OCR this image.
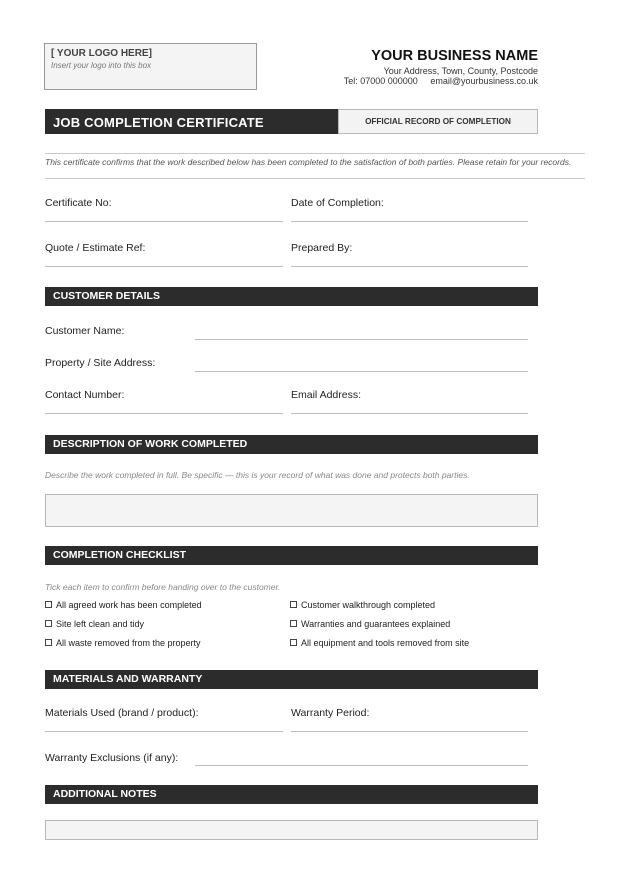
[ YOUR LOGO HERE]
Insert your logo into this box
YOUR BUSINESS NAME
Your Address, Town, County, Postcode
Tel: 07000 000000 email@yourbusiness.co.uk
JOB COMPLETION CERTIFICATE	OFFICIAL RECORD OF COMPLETION
This certificate confirms that the work described below has been completed to the satisfaction of both parties. Please retain for your records.
Certificate No:	Date of Completion:
Quote / Estimate Ref:	Prepared By:
CUSTOMER DETAILS
Customer Name:
Property / Site Address:
Contact Number:	Email Address:
DESCRIPTION OF WORK COMPLETED
Describe the work completed in full. Be specific — this is your record of what was done and protects both parties.
COMPLETION CHECKLIST
Tick each item to confirm before handing over to the customer.
All agreed work has been completed
Site left clean and tidy
All waste removed from the property
Customer walkthrough completed
Warranties and guarantees explained
All equipment and tools removed from site
MATERIALS AND WARRANTY
Materials Used (brand / product):	Warranty Period:
Warranty Exclusions (if any):
ADDITIONAL NOTES
